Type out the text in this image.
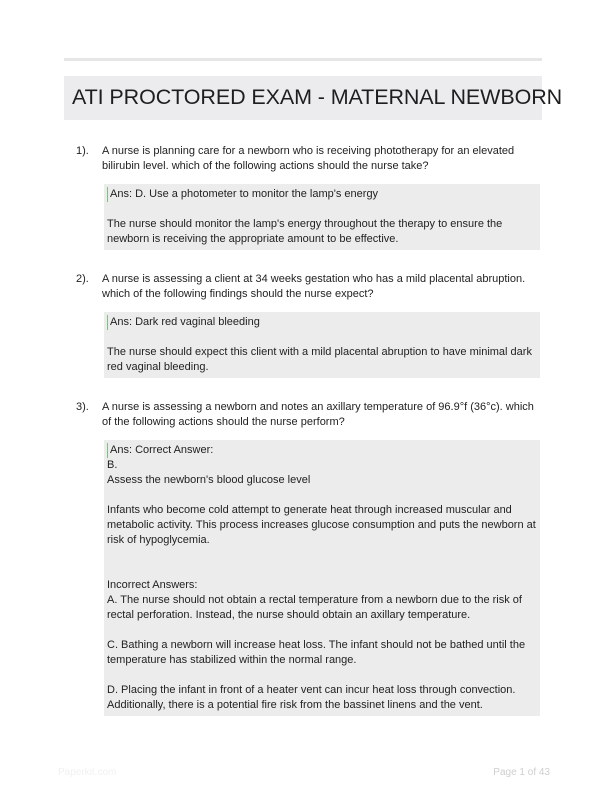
ATI PROCTORED EXAM - MATERNAL NEWBORN
1). A nurse is planning care for a newborn who is receiving phototherapy for an elevated bilirubin level. which of the following actions should the nurse take?

Ans: D. Use a photometer to monitor the lamp's energy

The nurse should monitor the lamp's energy throughout the therapy to ensure the newborn is receiving the appropriate amount to be effective.

2). A nurse is assessing a client at 34 weeks gestation who has a mild placental abruption. which of the following findings should the nurse expect?

Ans: Dark red vaginal bleeding

The nurse should expect this client with a mild placental abruption to have minimal dark red vaginal bleeding.

3). A nurse is assessing a newborn and notes an axillary temperature of 96.9°f (36°c). which of the following actions should the nurse perform?

Ans: Correct Answer:

B.

Assess the newborn's blood glucose level

Infants who become cold attempt to generate heat through increased muscular and metabolic activity. This process increases glucose consumption and puts the newborn at risk of hypoglycemia.

Incorrect Answers:

A. The nurse should not obtain a rectal temperature from a newborn due to the risk of rectal perforation. Instead, the nurse should obtain an axillary temperature.

C. Bathing a newborn will increase heat loss. The infant should not be bathed until the temperature has stabilized within the normal range.

D. Placing the infant in front of a heater vent can incur heat loss through convection. Additionally, there is a potential fire risk from the bassinet linens and the vent.

Paperkit.com	Page 1 of 43
